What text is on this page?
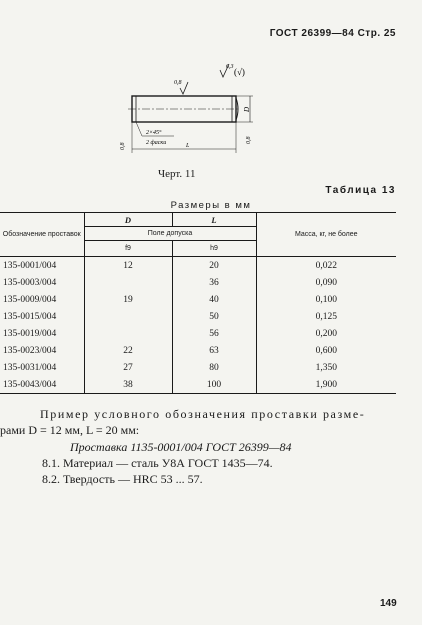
ГОСТ 26399—84 Стр. 25
6,3 (√)
0,8
D
2×45°
2 фаски	L
0,8
0,8
Черт. 11
Таблица 13
Размеры в мм
Обозначение проставок	D	L	Масса, кг, не более
	Поле допуска		
	f9	h9	
135-0001/004	12	20	0,022
135-0003/004		36	0,090
135-0009/004	19	40	0,100
135-0015/004		50	0,125
135-0019/004		56	0,200
135-0023/004	22	63	0,600
135-0031/004	27	80	1,350
135-0043/004	38	100	1,900
Пример условного обозначения проставки разме-
рами D = 12 мм, L = 20 мм:
Проставка 1135-0001/004 ГОСТ 26399—84
8.1. Материал — сталь У8А ГОСТ 1435—74.
8.2. Твердость — HRC 53 ... 57.
149
